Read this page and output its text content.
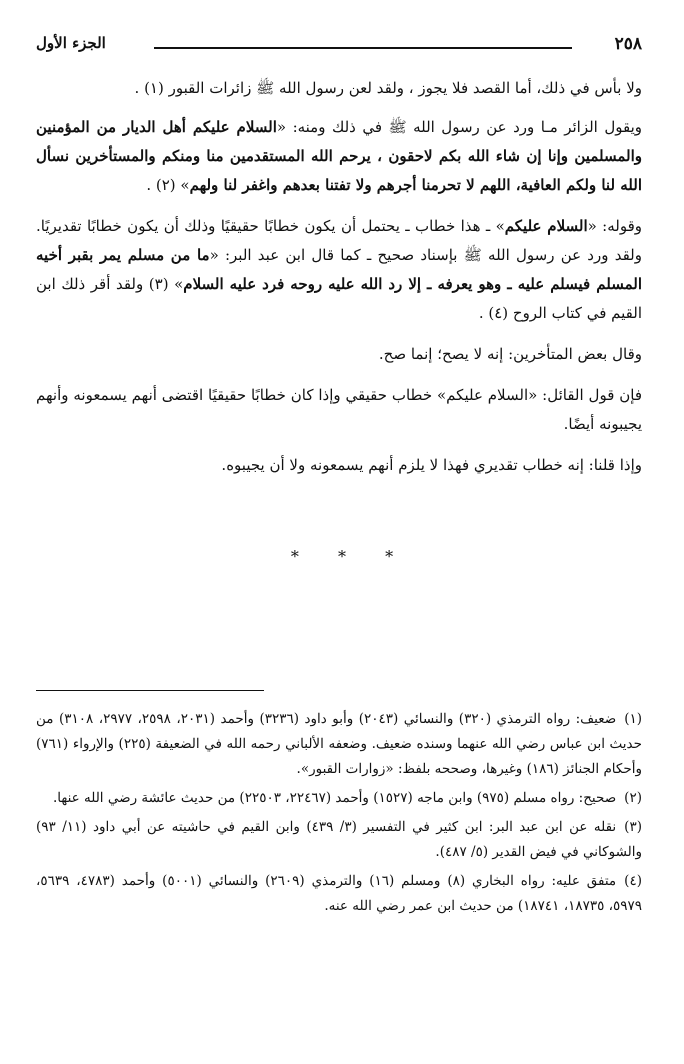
٢٥٨
الجزء الأول

ولا بأس في ذلك، أما القصد فلا يجوز ، ولقد لعن رسول الله ﷺ زائرات القبور (١) .

ويقول الزائر مـا ورد عن رسول الله ﷺ في ذلك ومنه: «السلام عليكم أهل الديار من المؤمنين والمسلمين وإنا إن شاء الله بكم لاحقون ، يرحم الله المستقدمين منا ومنكم والمستأخرين نسأل الله لنا ولكم العافية، اللهم لا تحرمنا أجرهم ولا تفتنا بعدهم واغفر لنا ولهم» (٢) .

وقوله: «السلام عليكم» ـ هذا خطاب ـ يحتمل أن يكون خطابًا حقيقيًا وذلك أن يكون خطابًا تقديريًا. ولقد ورد عن رسول الله ﷺ بإسناد صحيح ـ كما قال ابن عبد البر: «ما من مسلم يمر بقبر أخيه المسلم فيسلم عليه ـ وهو يعرفه ـ إلا رد الله عليه روحه فرد عليه السلام» (٣) ولقد أقر ذلك ابن القيم في كتاب الروح (٤) .

وقال بعض المتأخرين: إنه لا يصح؛ إنما صح.

فإن قول القائل: «السلام عليكم» خطاب حقيقي وإذا كان خطابًا حقيقيًا اقتضى أنهم يسمعونه وأنهم يجيبونه أيضًا.

وإذا قلنا: إنه خطاب تقديري فهذا لا يلزم أنهم يسمعونه ولا أن يجيبوه.

* * *

(١)ضعيف: رواه الترمذي (٣٢٠) والنسائي (٢٠٤٣) وأبو داود (٣٢٣٦) وأحمد (٢٠٣١، ٢٥٩٨، ٢٩٧٧، ٣١٠٨) من حديث ابن عباس رضي الله عنهما وسنده ضعيف. وضعفه الألباني رحمه الله في الضعيفة (٢٢٥) والإرواء (٧٦١) وأحكام الجنائز (١٨٦) وغيرها، وصححه بلفظ: «زوارات القبور».

(٢)صحيح: رواه مسلم (٩٧٥) وابن ماجه (١٥٢٧) وأحمد (٢٢٤٦٧، ٢٢٥٠٣) من حديث عائشة رضي الله عنها.

(٣)نقله عن ابن عبد البر: ابن كثير في التفسير (٣/ ٤٣٩) وابن القيم في حاشيته عن أبي داود (١١/ ٩٣) والشوكاني في فيض القدير (٥/ ٤٨٧).

(٤)متفق عليه: رواه البخاري (٨) ومسلم (١٦) والترمذي (٢٦٠٩) والنسائي (٥٠٠١) وأحمد (٤٧٨٣، ٥٦٣٩، ٥٩٧٩، ١٨٧٣٥، ١٨٧٤١) من حديث ابن عمر رضي الله عنه.
